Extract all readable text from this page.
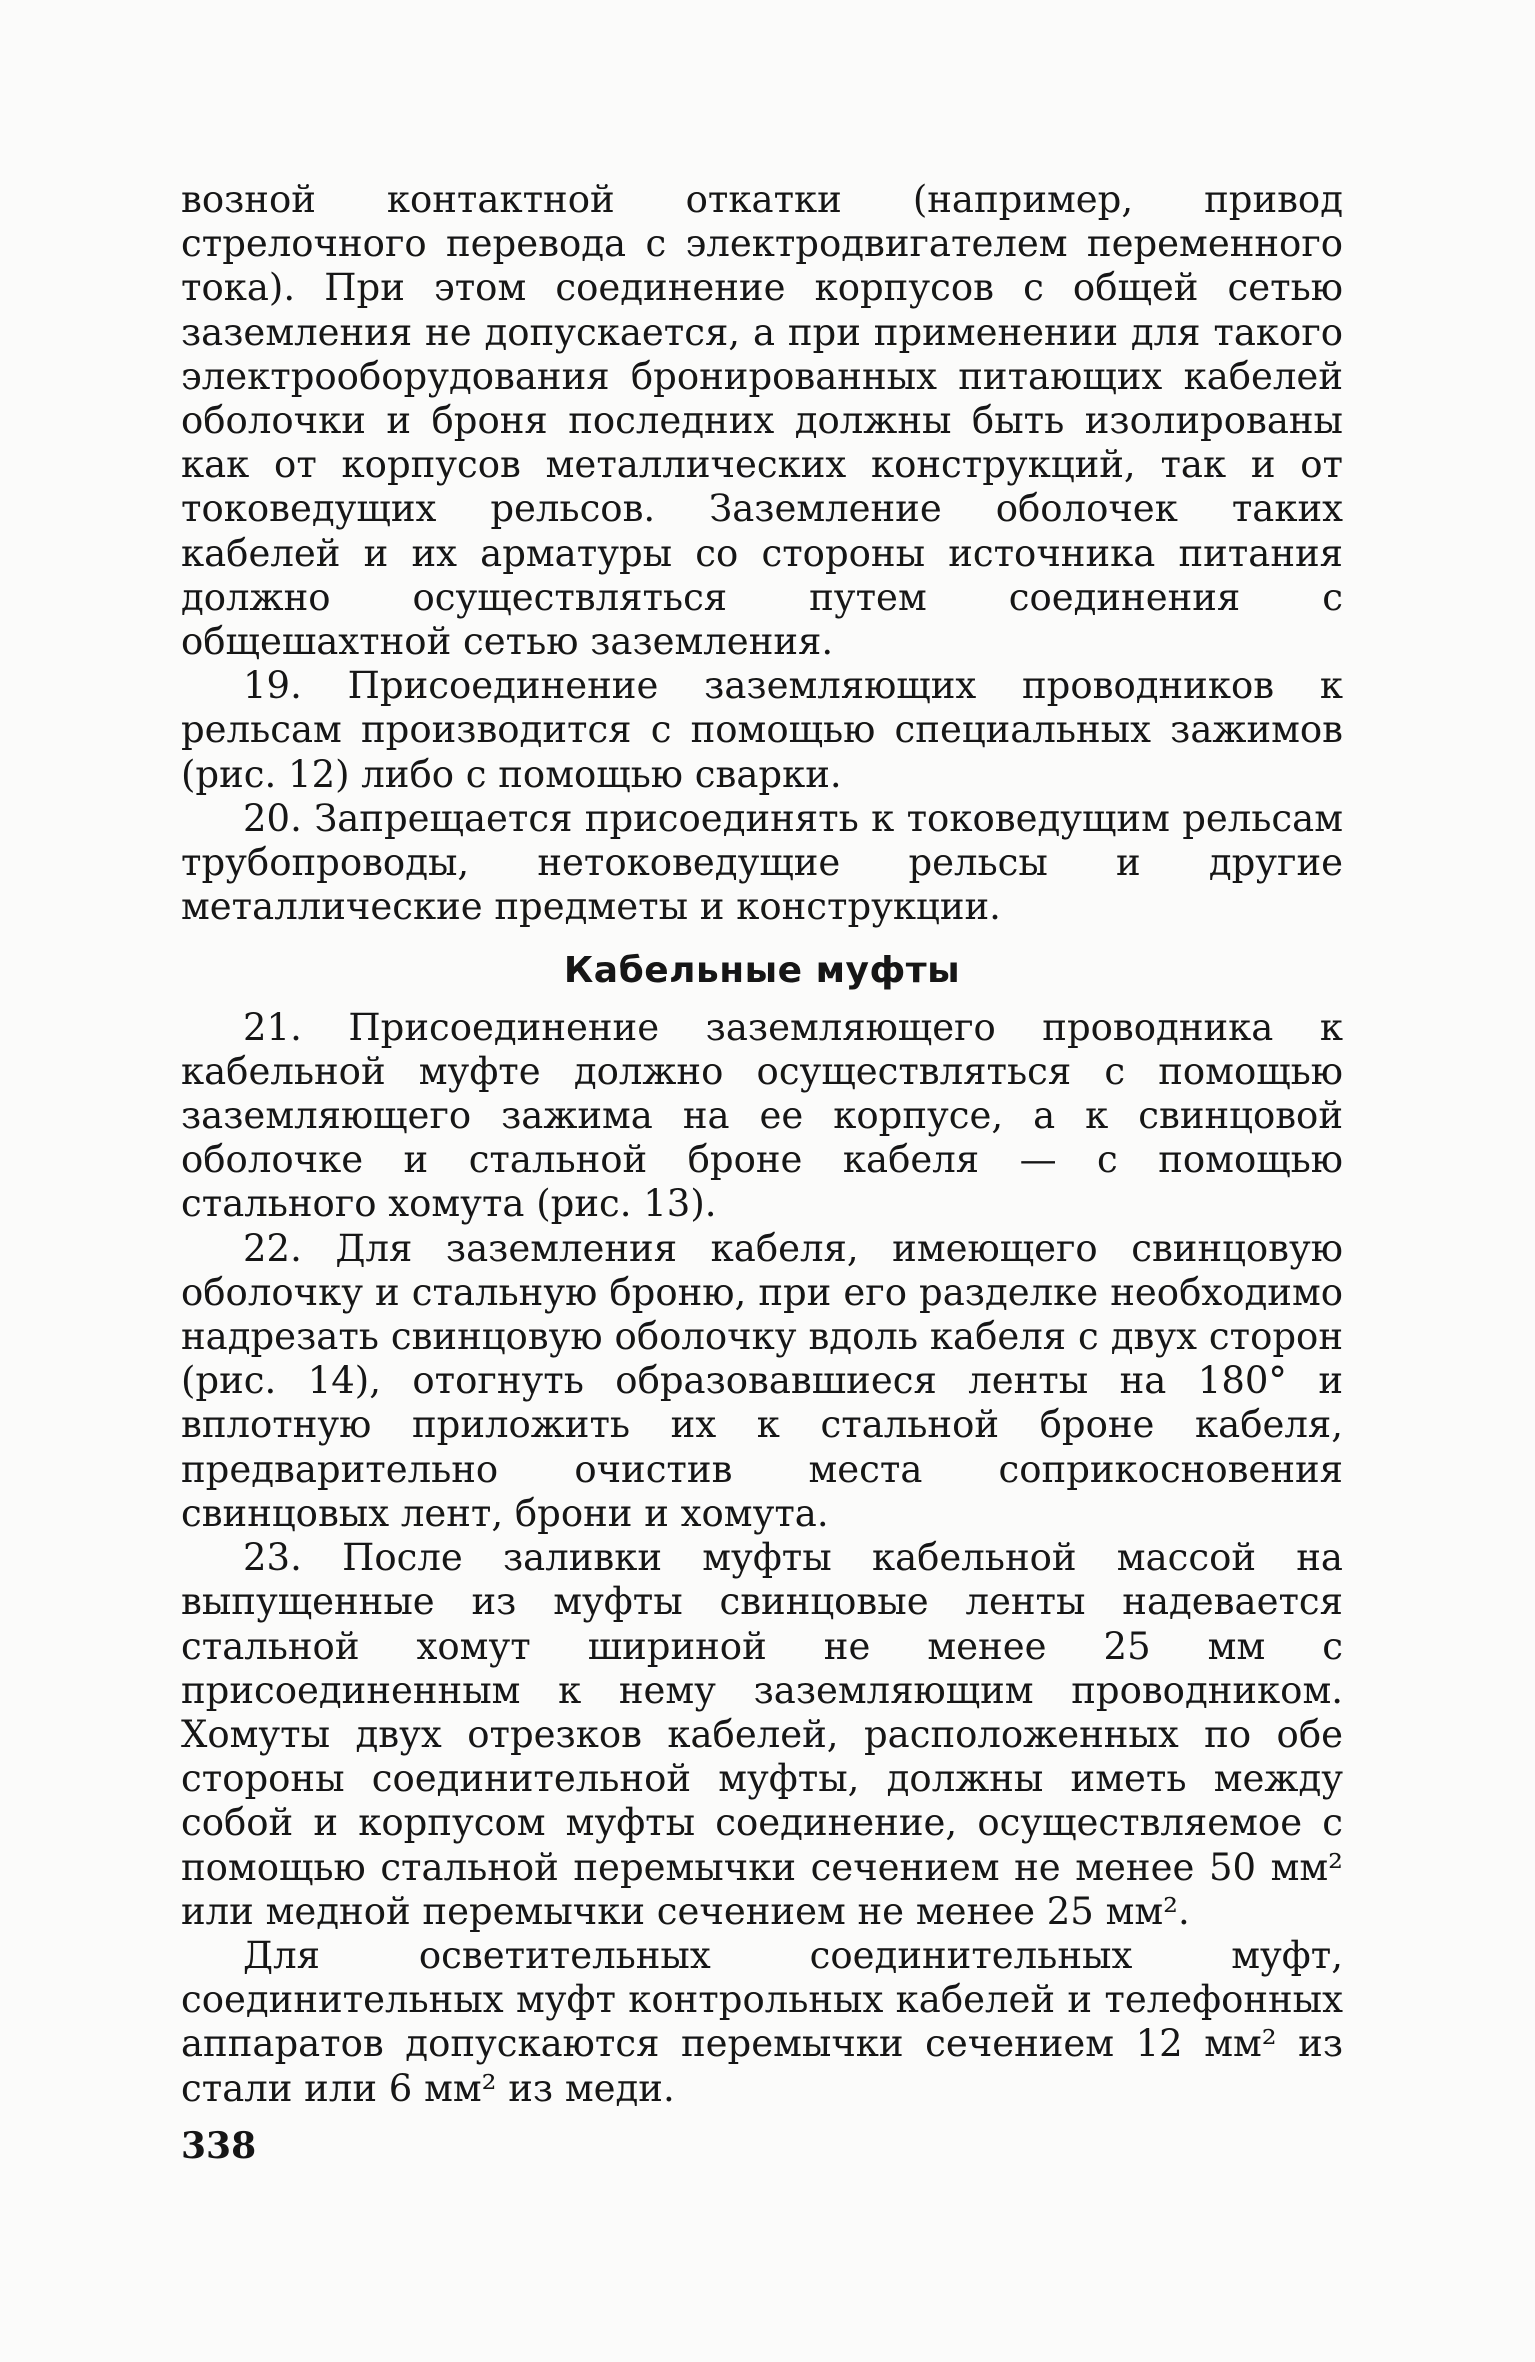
возной контактной откатки (например, привод стрелочного перевода с электродвигателем переменного тока). При этом соединение корпусов с общей сетью заземления не допускается, а при применении для такого электрооборудования бронированных питающих кабелей оболочки и броня последних должны быть изолированы как от корпусов металлических конструкций, так и от токоведущих рельсов. Заземление оболочек таких кабелей и их арматуры со стороны источника питания должно осуществляться путем соединения с общешахтной сетью заземления.

19. Присоединение заземляющих проводников к рельсам производится с помощью специальных зажимов (рис. 12) либо с помощью сварки.

20. Запрещается присоединять к токоведущим рельсам трубопроводы, нетоковедущие рельсы и другие металлические предметы и конструкции.

Кабельные муфты

21. Присоединение заземляющего проводника к кабельной муфте должно осуществляться с помощью заземляющего зажима на ее корпусе, а к свинцовой оболочке и стальной броне кабеля — с помощью стального хомута (рис. 13).

22. Для заземления кабеля, имеющего свинцовую оболочку и стальную броню, при его разделке необходимо надрезать свинцовую оболочку вдоль кабеля с двух сторон (рис. 14), отогнуть образовавшиеся ленты на 180° и вплотную приложить их к стальной броне кабеля, предварительно очистив места соприкосновения свинцовых лент, брони и хомута.

23. После заливки муфты кабельной массой на выпущенные из муфты свинцовые ленты надевается стальной хомут шириной не менее 25 мм с присоединенным к нему заземляющим проводником. Хомуты двух отрезков кабелей, расположенных по обе стороны соединительной муфты, должны иметь между собой и корпусом муфты соединение, осуществляемое с помощью стальной перемычки сечением не менее 50 мм² или медной перемычки сечением не менее 25 мм².

Для осветительных соединительных муфт, соединительных муфт контрольных кабелей и телефонных аппаратов допускаются перемычки сечением 12 мм² из стали или 6 мм² из меди.

338
